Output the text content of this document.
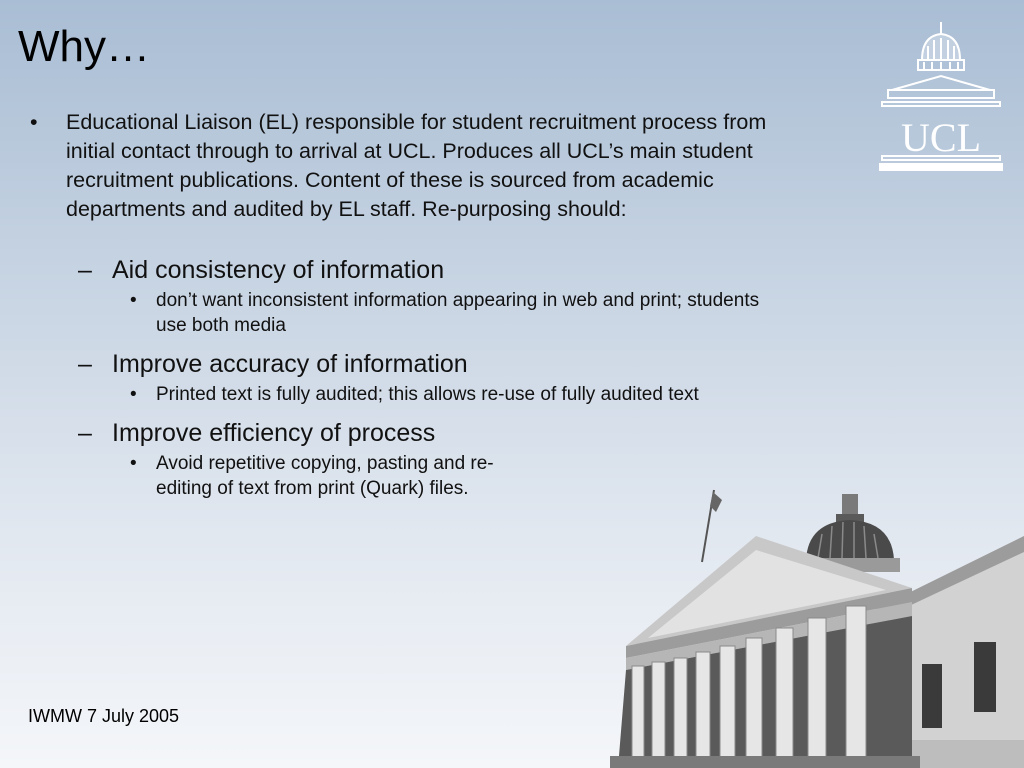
Why…
UCL
•	Educational Liaison (EL) responsible for student recruitment process from initial contact through to arrival at UCL. Produces all UCL’s main student recruitment publications. Content of these is sourced from academic departments and audited by EL staff. Re-purposing should:
– Aid consistency of information
•	don’t want inconsistent information appearing in web and print; students use both media
– Improve accuracy of information
•	Printed text is fully audited; this allows re-use of fully audited text
– Improve efficiency of process
•	Avoid repetitive copying, pasting and re-editing of text from print (Quark) files.
IWMW 7 July 2005
